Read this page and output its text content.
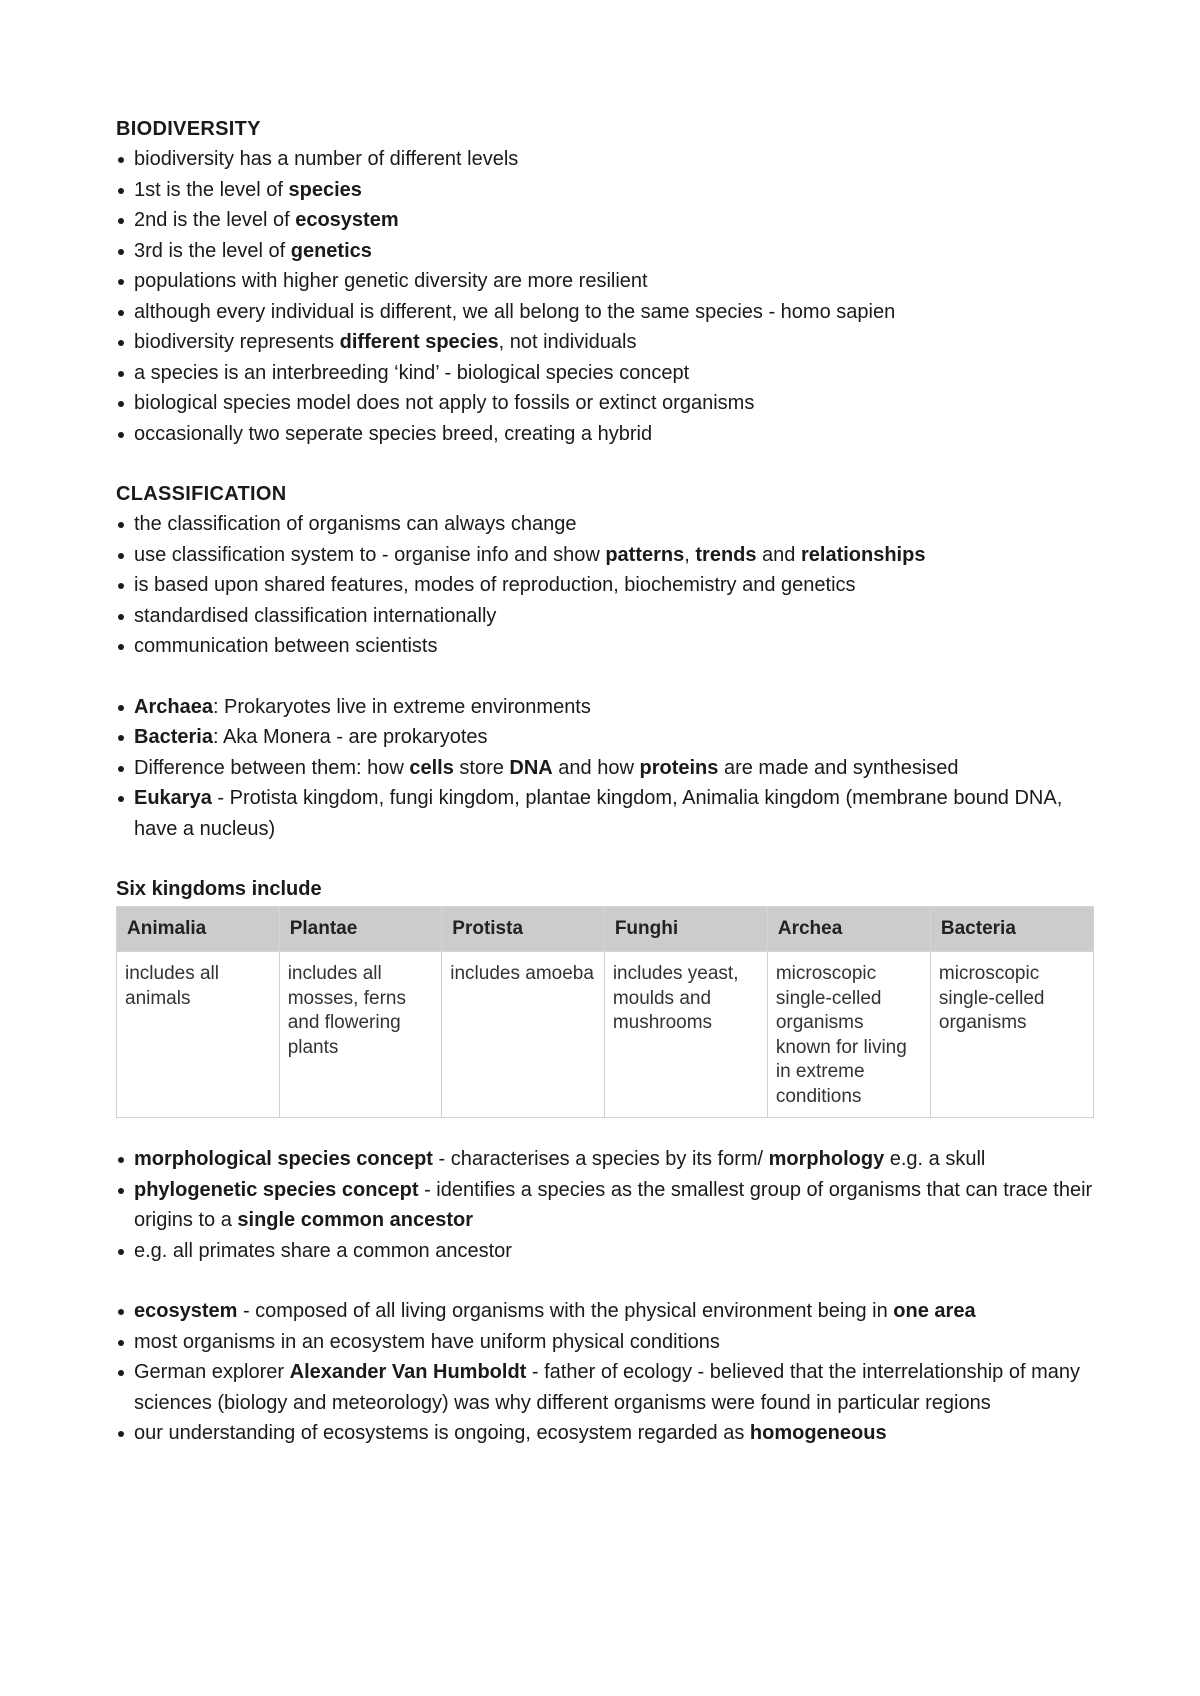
BIODIVERSITY
biodiversity has a number of different levels
1st is the level of species
2nd is the level of ecosystem
3rd is the level of genetics
populations with higher genetic diversity are more resilient
although every individual is different, we all belong to the same species - homo sapien
biodiversity represents different species, not individuals
a species is an interbreeding ‘kind’ - biological species concept
biological species model does not apply to fossils or extinct organisms
occasionally two seperate species breed, creating a hybrid
CLASSIFICATION
the classification of organisms can always change
use classification system to - organise info and show patterns, trends and relationships
is based upon shared features, modes of reproduction, biochemistry and genetics
standardised classification internationally
communication between scientists
Archaea: Prokaryotes live in extreme environments
Bacteria: Aka Monera - are prokaryotes
Difference between them: how cells store DNA and how proteins are made and synthesised
Eukarya - Protista kingdom, fungi kingdom, plantae kingdom, Animalia kingdom (membrane bound DNA, have a nucleus)
Six kingdoms include
Animalia	Plantae	Protista	Funghi	Archea	Bacteria
includes all animals	includes all mosses, ferns and flowering plants	includes amoeba	includes yeast, moulds and mushrooms	microscopic single-celled organisms known for living in extreme conditions	microscopic single-celled organisms
morphological species concept - characterises a species by its form/ morphology e.g. a skull
phylogenetic species concept - identifies a species as the smallest group of organisms that can trace their origins to a single common ancestor
e.g. all primates share a common ancestor
ecosystem - composed of all living organisms with the physical environment being in one area
most organisms in an ecosystem have uniform physical conditions
German explorer Alexander Van Humboldt - father of ecology - believed that the interrelationship of many sciences (biology and meteorology) was why different organisms were found in particular regions
our understanding of ecosystems is ongoing, ecosystem regarded as homogeneous
